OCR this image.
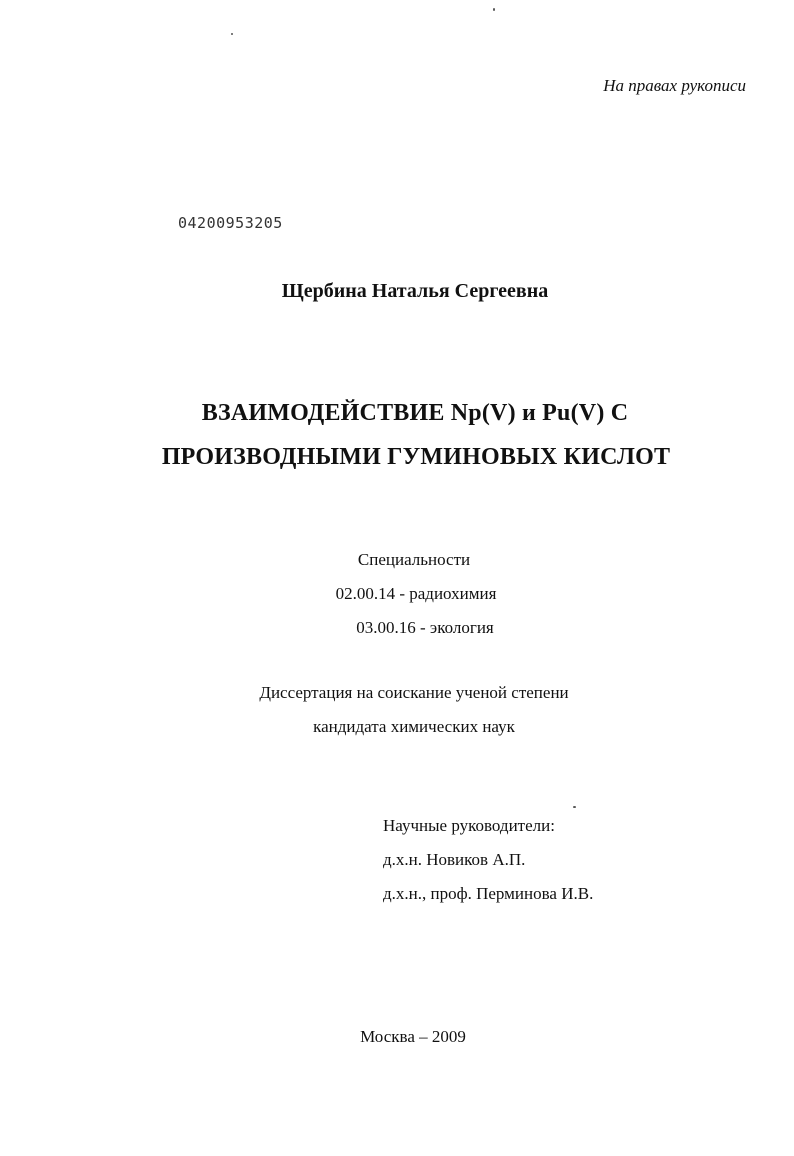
На правах рукописи
04200953205
Щербина Наталья Сергеевна
ВЗАИМОДЕЙСТВИЕ Np(V) и Pu(V) С
ПРОИЗВОДНЫМИ ГУМИНОВЫХ КИСЛОТ
Специальности
02.00.14 - радиохимия
03.00.16 - экология
Диссертация на соискание ученой степени
кандидата химических наук
Научные руководители:
д.х.н. Новиков А.П.
д.х.н., проф. Перминова И.В.
Москва – 2009
